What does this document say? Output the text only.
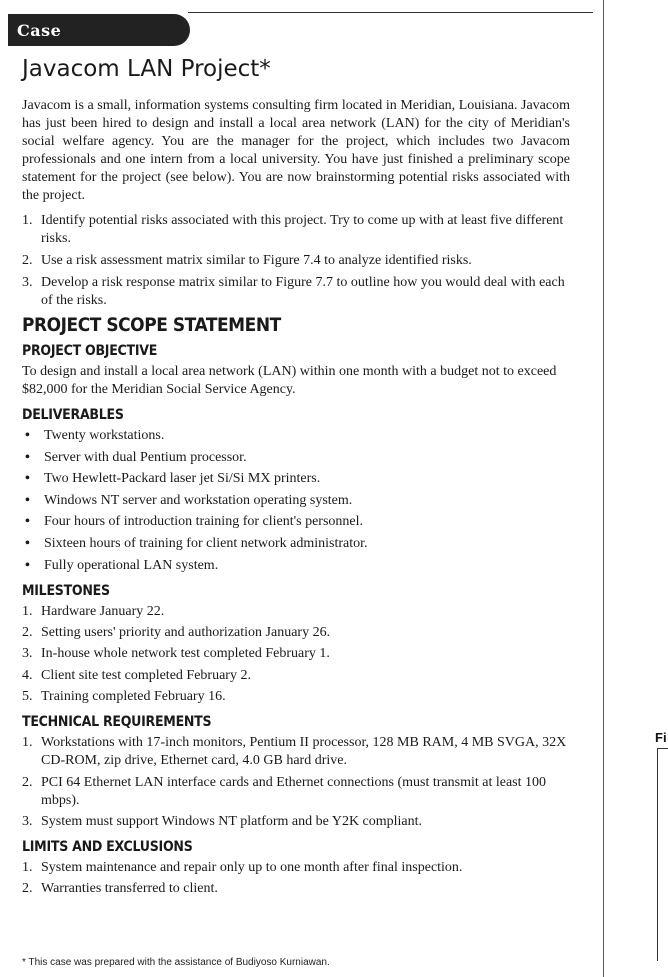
Case
Fi
Javacom LAN Project*

Javacom is a small, information systems consulting firm located in Meridian, Louisiana. Javacom has just been hired to design and install a local area network (LAN) for the city of Meridian's social welfare agency. You are the manager for the project, which includes two Javacom professionals and one intern from a local university. You have just finished a preliminary scope statement for the project (see below). You are now brainstorming potential risks associated with the project.

1. Identify potential risks associated with this project. Try to come up with at least five different risks.
2. Use a risk assessment matrix similar to Figure 7.4 to analyze identified risks.
3. Develop a risk response matrix similar to Figure 7.7 to outline how you would deal with each of the risks.
PROJECT SCOPE STATEMENT
PROJECT OBJECTIVE

To design and install a local area network (LAN) within one month with a budget not to exceed $82,000 for the Meridian Social Service Agency.

DELIVERABLES
• Twenty workstations.
• Server with dual Pentium processor.
• Two Hewlett-Packard laser jet Si/Si MX printers.
• Windows NT server and workstation operating system.
• Four hours of introduction training for client's personnel.
• Sixteen hours of training for client network administrator.
• Fully operational LAN system.
MILESTONES
1. Hardware January 22.
2. Setting users' priority and authorization January 26.
3. In-house whole network test completed February 1.
4. Client site test completed February 2.
5. Training completed February 16.
TECHNICAL REQUIREMENTS
1. Workstations with 17-inch monitors, Pentium II processor, 128 MB RAM, 4 MB SVGA, 32X CD-ROM, zip drive, Ethernet card, 4.0 GB hard drive.
2. PCI 64 Ethernet LAN interface cards and Ethernet connections (must transmit at least 100 mbps).
3. System must support Windows NT platform and be Y2K compliant.
LIMITS AND EXCLUSIONS
1. System maintenance and repair only up to one month after final inspection.
2. Warranties transferred to client.
* This case was prepared with the assistance of Budiyoso Kurniawan.
